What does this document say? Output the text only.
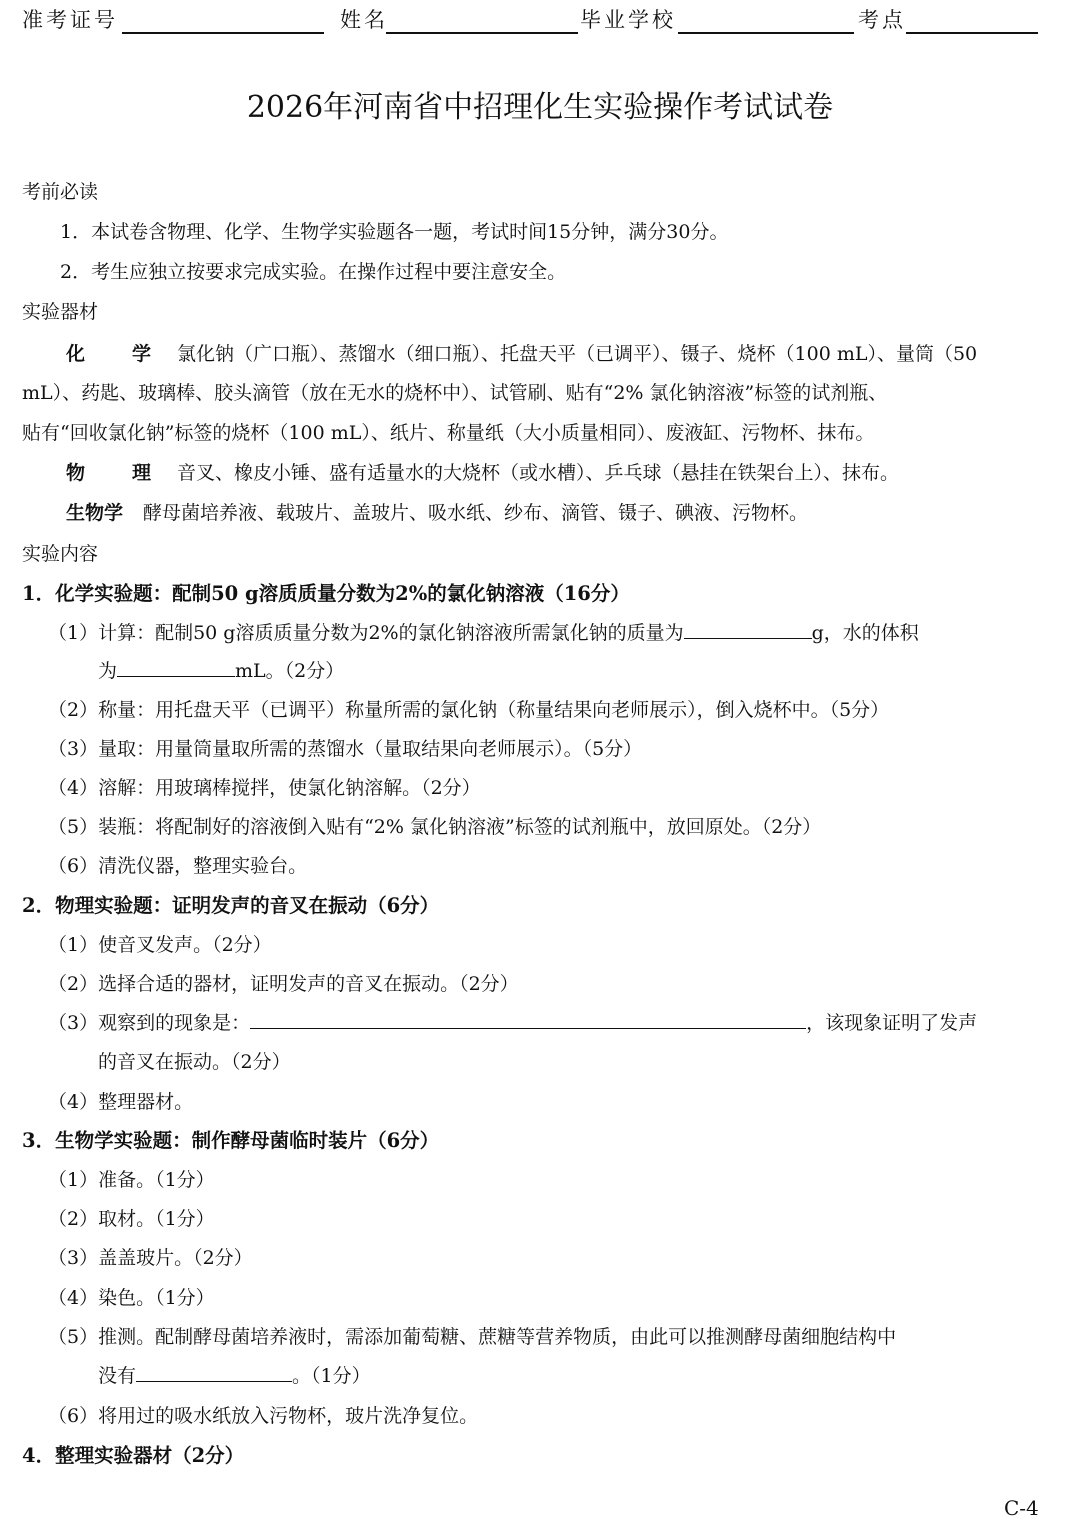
准考证号	姓名	毕业学校	考点
2026年河南省中招理化生实验操作考试试卷
考前必读
1．本试卷含物理、化学、生物学实验题各一题，考试时间15分钟，满分30分。
2．考生应独立按要求完成实验。在操作过程中要注意安全。
实验器材
化　学 氯化钠（广口瓶）、蒸馏水（细口瓶）、托盘天平（已调平）、镊子、烧杯（100 mL）、量筒（50
mL）、药匙、玻璃棒、胶头滴管（放在无水的烧杯中）、试管刷、贴有“2% 氯化钠溶液”标签的试剂瓶、
贴有“回收氯化钠”标签的烧杯（100 mL）、纸片、称量纸（大小质量相同）、废液缸、污物杯、抹布。
物　理 音叉、橡皮小锤、盛有适量水的大烧杯（或水槽）、乒乓球（悬挂在铁架台上）、抹布。
生物学 酵母菌培养液、载玻片、盖玻片、吸水纸、纱布、滴管、镊子、碘液、污物杯。
实验内容
1．化学实验题：配制50 g溶质质量分数为2%的氯化钠溶液（16分）
（1）计算：配制50 g溶质质量分数为2%的氯化钠溶液所需氯化钠的质量为	g，水的体积
为	mL。（2分）
（2）称量：用托盘天平（已调平）称量所需的氯化钠（称量结果向老师展示），倒入烧杯中。（5分）
（3）量取：用量筒量取所需的蒸馏水（量取结果向老师展示）。（5分）
（4）溶解：用玻璃棒搅拌，使氯化钠溶解。（2分）
（5）装瓶：将配制好的溶液倒入贴有“2% 氯化钠溶液”标签的试剂瓶中，放回原处。（2分）
（6）清洗仪器，整理实验台。
2．物理实验题：证明发声的音叉在振动（6分）
（1）使音叉发声。（2分）
（2）选择合适的器材，证明发声的音叉在振动。（2分）
（3）观察到的现象是：	，该现象证明了发声
的音叉在振动。（2分）
（4）整理器材。
3．生物学实验题：制作酵母菌临时装片（6分）
（1）准备。（1分）
（2）取材。（1分）
（3）盖盖玻片。（2分）
（4）染色。（1分）
（5）推测。配制酵母菌培养液时，需添加葡萄糖、蔗糖等营养物质，由此可以推测酵母菌细胞结构中
没有	。（1分）
（6）将用过的吸水纸放入污物杯，玻片洗净复位。
4．整理实验器材（2分）
C-4
